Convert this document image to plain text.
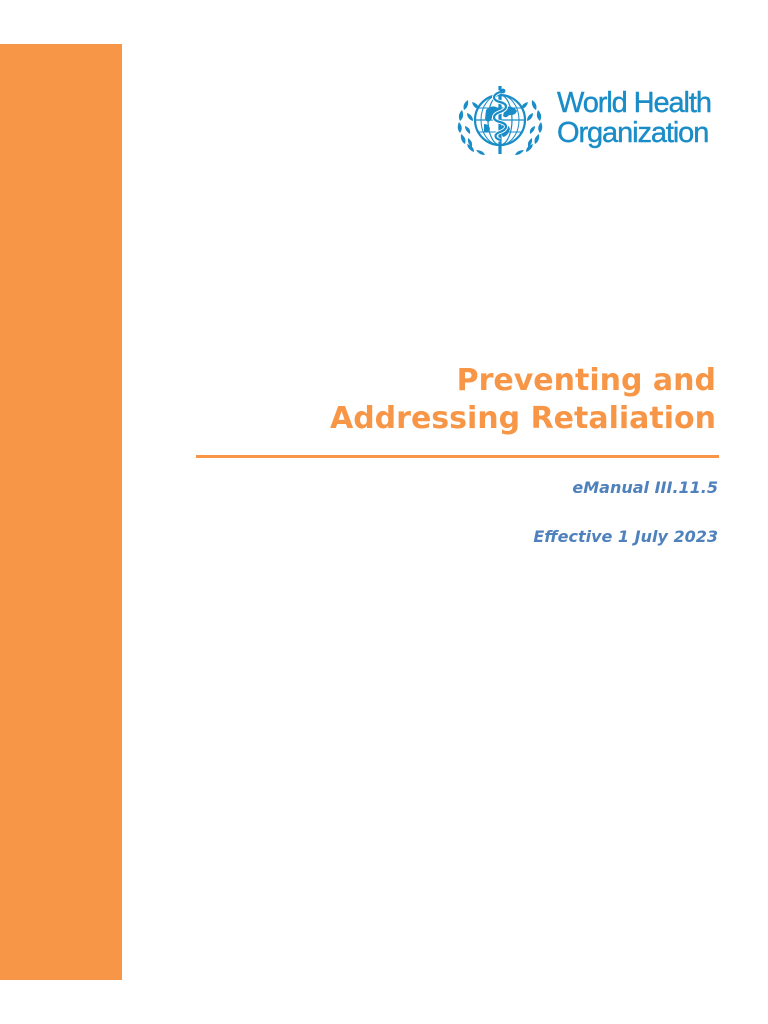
World Health
Organization
Preventing and
Addressing Retaliation
eManual III.11.5
Effective 1 July 2023
